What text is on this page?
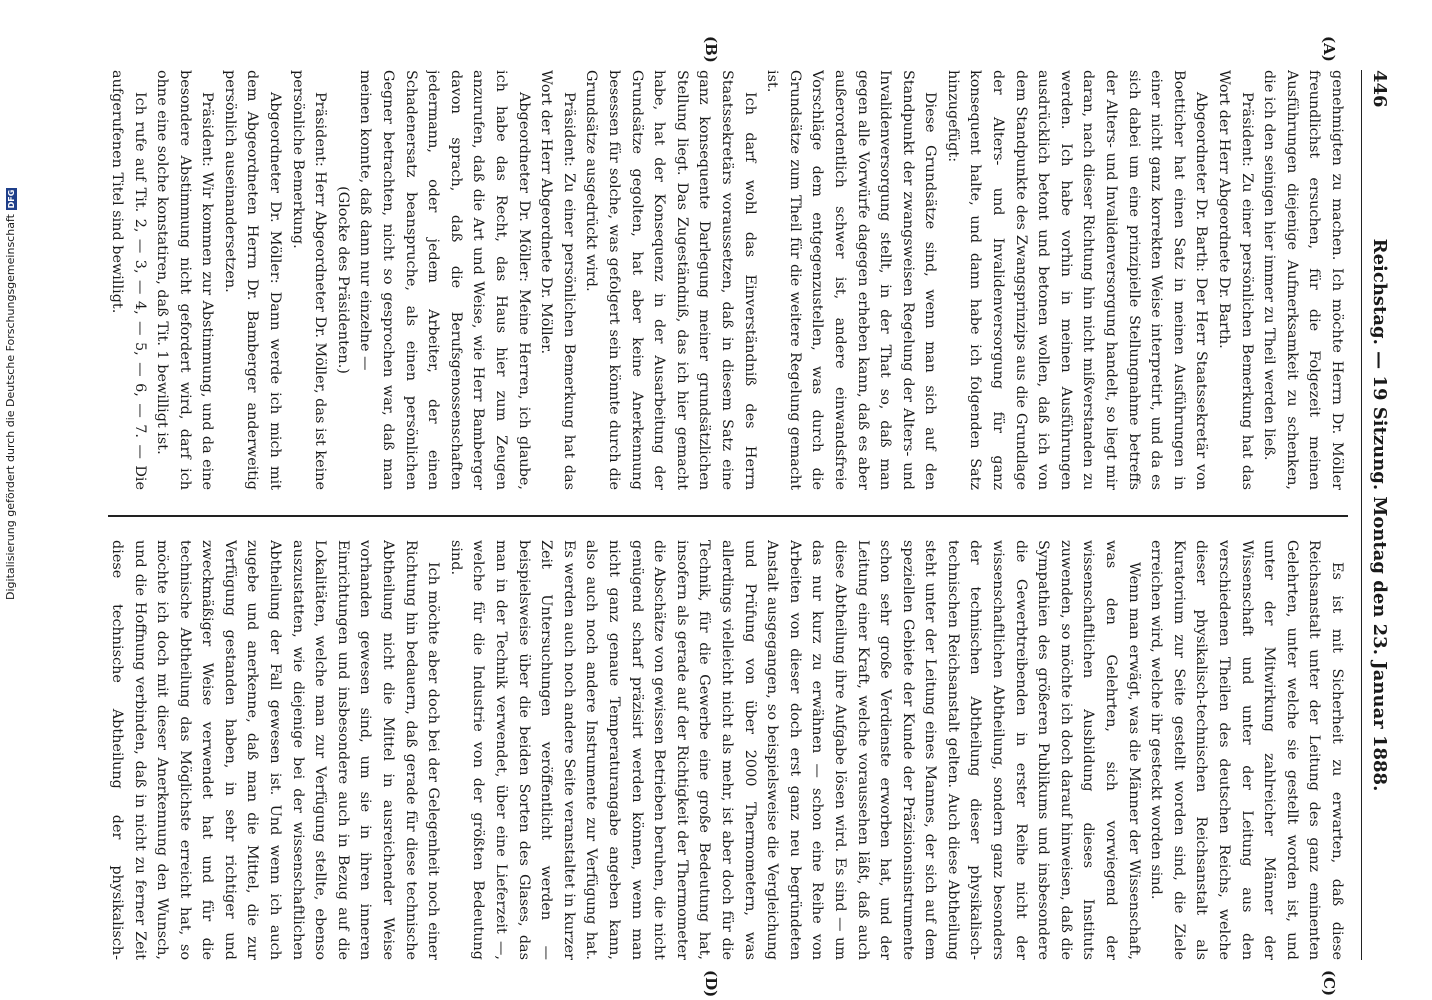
446
Reichstag. — 19 Sitzung. Montag den 23. Januar 1888.
(A)
(B)
(C)
(D)

genehmigten zu machen. Ich möchte Herrn Dr. Möller freundlichst ersuchen, für die Folgezeit meinen Ausführungen diejenige Aufmerksamkeit zu schenken, die ich den seinigen hier immer zu Theil werden ließ.

Präsident: Zu einer persönlichen Bemerkung hat das Wort der Herr Abgeordnete Dr. Barth.

Abgeordneter Dr. Barth: Der Herr Staatssekretär von Boetticher hat einen Satz in meinen Ausführungen in einer nicht ganz korrekten Weise interpretirt, und da es sich dabei um eine prinzipielle Stellungnahme betreffs der Alters- und Invalidenversorgung handelt, so liegt mir daran, nach dieser Richtung hin nicht mißverstanden zu werden. Ich habe vorhin in meinen Ausführungen ausdrücklich betont und betonen wollen, daß ich von dem Standpunkte des Zwangsprinzips aus die Grundlage der Alters- und Invalidenversorgung für ganz konsequent halte, und dann habe ich folgenden Satz hinzugefügt:

Diese Grundsätze sind, wenn man sich auf den Standpunkt der zwangsweisen Regelung der Alters- und Invalidenversorgung stellt, in der That so, daß man gegen alle Vorwürfe dagegen erheben kann, daß es aber außerordentlich schwer ist, andere einwandsfreie Vorschläge dem entgegenzustellen, was durch die Grundsätze zum Theil für die weitere Regelung gemacht ist.

Ich darf wohl das Einverständniß des Herrn Staatssekretärs voraussetzen, daß in diesem Satz eine ganz konsequente Darlegung meiner grundsätzlichen Stellung liegt. Das Zugeständniß, das ich hier gemacht habe, hat der Konsequenz in der Ausarbeitung der Grundsätze gegolten, hat aber keine Anerkennung besessen für solche, was gefolgert sein könnte durch die Grundsätze ausgedrückt wird.

Präsident: Zu einer persönlichen Bemerkung hat das Wort der Herr Abgeordnete Dr. Möller.

Abgeordneter Dr. Möller: Meine Herren, ich glaube, ich habe das Recht, das Haus hier zum Zeugen anzurufen, daß die Art und Weise, wie Herr Bamberger davon sprach, daß die Berufsgenossenschaften jedermann, oder jedem Arbeiter, der einen Schadenersatz beanspruche, als einen persönlichen Gegner betrachten, nicht so gesprochen war, daß man meinen konnte, daß dann nur einzelne —

(Glocke des Präsidenten.)

Präsident: Herr Abgeordneter Dr. Möller, das ist keine persönliche Bemerkung.

Abgeordneter Dr. Möller: Dann werde ich mich mit dem Abgeordneten Herrn Dr. Bamberger anderweitig persönlich auseinandersetzen.

Präsident: Wir kommen zur Abstimmung, und da eine besondere Abstimmung nicht gefordert wird, darf ich ohne eine solche konstatiren, daß Tit. 1 bewilligt ist.

Ich rufe auf Tit. 2, — 3, — 4, — 5, — 6, — 7. — Die aufgerufenen Titel sind bewilligt.

Es ist mit Sicherheit zu erwarten, daß diese Reichsanstalt unter der Leitung des ganz eminenten Gelehrten, unter welche sie gestellt worden ist, und unter der Mitwirkung zahlreicher Männer der Wissenschaft und unter der Leitung aus den verschiedenen Theilen des deutschen Reichs, welche dieser physikalisch-technischen Reichsanstalt als Kuratorium zur Seite gestellt worden sind, die Ziele erreichen wird, welche ihr gesteckt worden sind.

Wenn man erwägt, was die Männer der Wissenschaft, was den Gelehrten, sich vorwiegend der wissenschaftlichen Ausbildung dieses Instituts zuwenden, so möchte ich doch darauf hinweisen, daß die Sympathien des größeren Publikums und insbesondere die Gewerbtreibenden in erster Reihe nicht der wissenschaftlichen Abtheilung, sondern ganz besonders der technischen Abtheilung dieser physikalisch-technischen Reichsanstalt gelten. Auch diese Abtheilung steht unter der Leitung eines Mannes, der sich auf dem speziellen Gebiete der Kunde der Präzisionsinstrumente schon sehr große Verdienste erworben hat, und der Leitung einer Kraft, welche voraussehen läßt, daß auch diese Abtheilung ihre Aufgabe lösen wird. Es sind — um das nur kurz zu erwähnen — schon eine Reihe von Arbeiten von dieser doch erst ganz neu begründeten Anstalt ausgegangen, so beispielsweise die Vergleichung und Prüfung von über 2000 Thermometern, was allerdings vielleicht nicht als mehr, ist aber doch für die Technik, für die Gewerbe eine große Bedeutung hat, insofern als gerade auf der Richtigkeit der Thermometer die Abschätze von gewissen Betrieben beruhen, die nicht genügend scharf präzisirt werden können, wenn man nicht ganz genaue Temperaturangabe angeben kann, also auch noch andere Instrumente zur Verfügung hat. Es werden auch noch andere Seite veranstaltet in kurzer Zeit Untersuchungen veröffentlicht werden — beispielsweise über die beiden Sorten des Glases, das man in der Technik verwendet, über eine Lieferzeit —, welche für die Industrie von der größten Bedeutung sind.

Ich möchte aber doch bei der Gelegenheit noch einer Richtung hin bedauern, daß gerade für diese technische Abtheilung nicht die Mittel in ausreichender Weise vorhanden gewesen sind, um sie in ihren inneren Einrichtungen und insbesondere auch in Bezug auf die Lokalitäten, welche man zur Verfügung stellte, ebenso auszustatten, wie diejenige bei der wissenschaftlichen Abtheilung der Fall gewesen ist. Und wenn ich auch zugebe und anerkenne, daß man die Mittel, die zur Verfügung gestanden haben, in sehr richtiger und zweckmäßiger Weise verwendet hat und für die technische Abtheilung das Möglichste erreicht hat, so möchte ich doch mit dieser Anerkennung den Wunsch, und die Hoffnung verbinden, daß in nicht zu ferner Zeit diese technische Abtheilung der physikalisch-

Digitalisierung gefördert durch die Deutsche ForschungsgemeinschaftDFG
